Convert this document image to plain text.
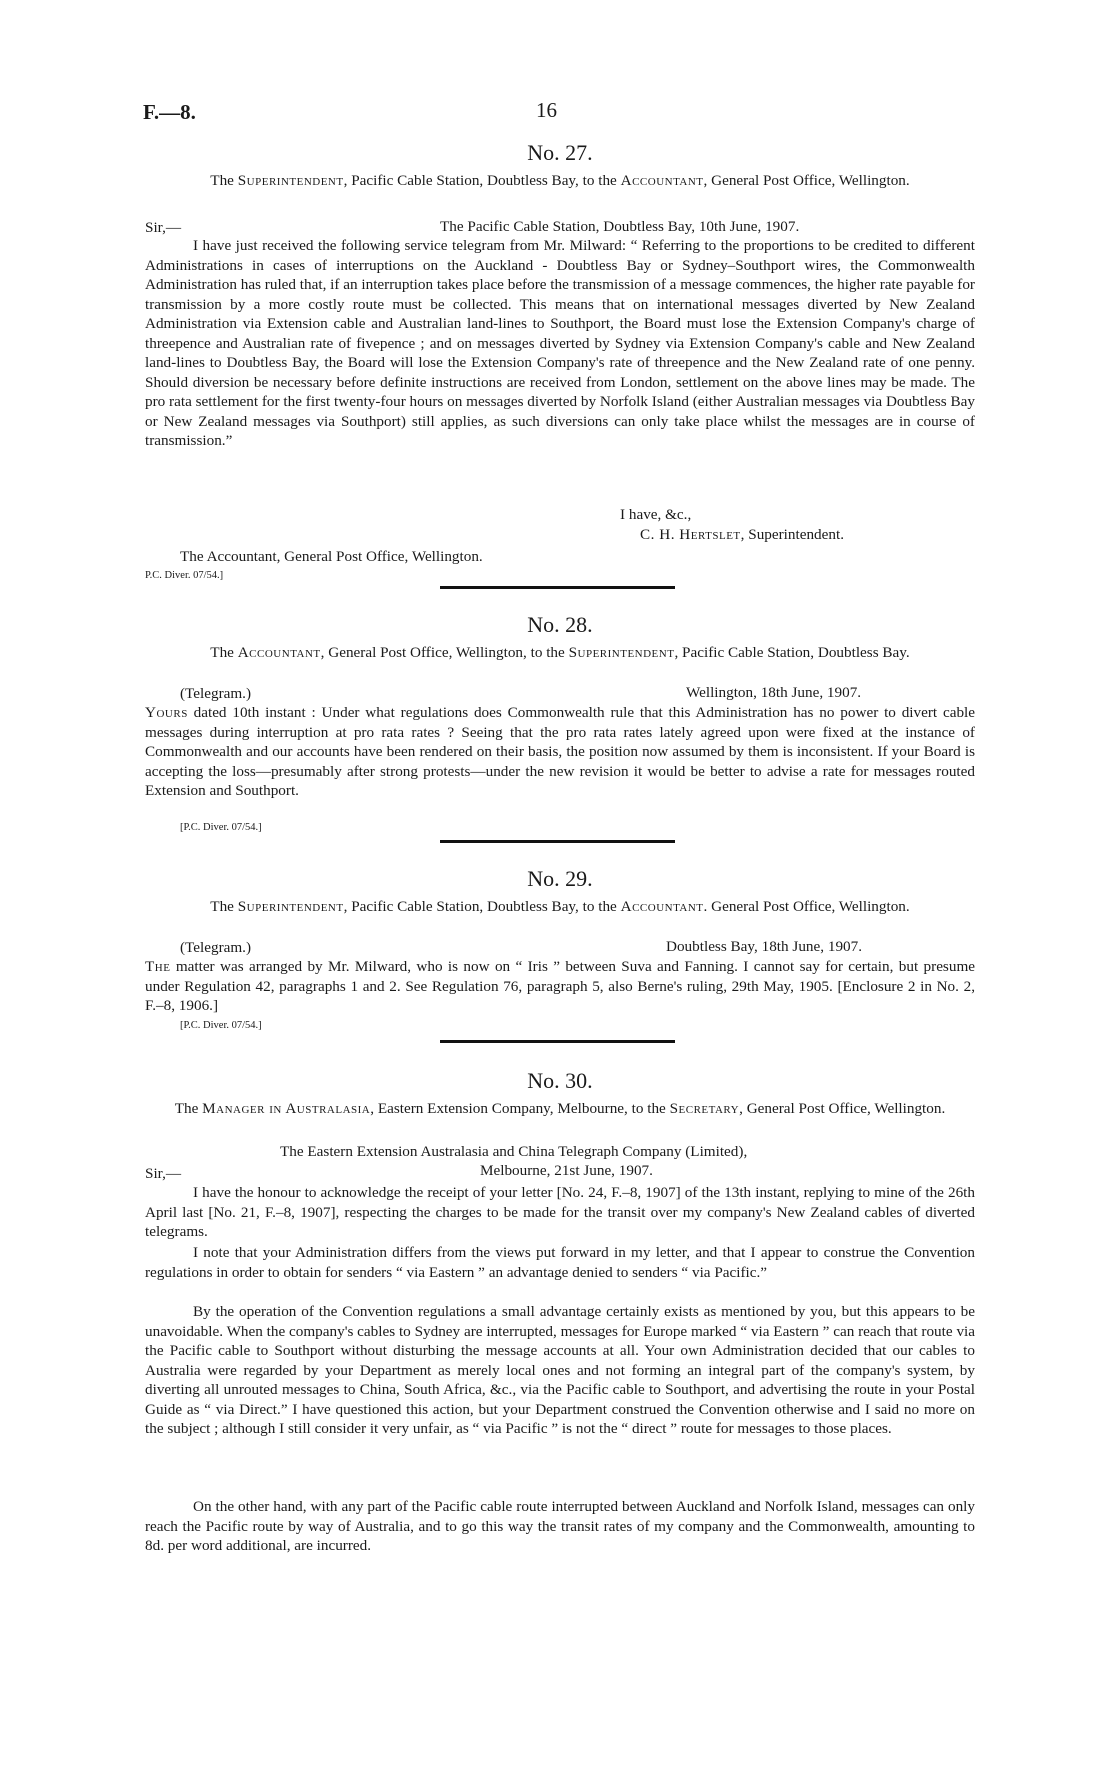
F.—8.	16
No. 27.
The Superintendent, Pacific Cable Station, Doubtless Bay, to the Accountant, General Post Office, Wellington.
Sir,—	The Pacific Cable Station, Doubtless Bay, 10th June, 1907.

I have just received the following service telegram from Mr. Milward: “ Referring to the proportions to be credited to different Administrations in cases of interruptions on the Auckland - Doubtless Bay or Sydney–Southport wires, the Commonwealth Administration has ruled that, if an interruption takes place before the transmission of a message commences, the higher rate payable for transmission by a more costly route must be collected. This means that on international messages diverted by New Zealand Administration via Extension cable and Australian land-lines to Southport, the Board must lose the Extension Company's charge of threepence and Australian rate of fivepence ; and on messages diverted by Sydney via Extension Company's cable and New Zealand land-lines to Doubtless Bay, the Board will lose the Extension Company's rate of threepence and the New Zealand rate of one penny. Should diversion be necessary before definite instructions are received from London, settlement on the above lines may be made. The pro rata settlement for the first twenty-four hours on messages diverted by Norfolk Island (either Australian messages via Doubtless Bay or New Zealand messages via Southport) still applies, as such diversions can only take place whilst the messages are in course of transmission.”

I have, &c.,
C. H. Hertslet, Superintendent.
The Accountant, General Post Office, Wellington.
P.C. Diver. 07/54.]
No. 28.
The Accountant, General Post Office, Wellington, to the Superintendent, Pacific Cable Station, Doubtless Bay.
(Telegram.)	Wellington, 18th June, 1907.

Yours dated 10th instant : Under what regulations does Commonwealth rule that this Administration has no power to divert cable messages during interruption at pro rata rates ? Seeing that the pro rata rates lately agreed upon were fixed at the instance of Commonwealth and our accounts have been rendered on their basis, the position now assumed by them is inconsistent. If your Board is accepting the loss—presumably after strong protests—under the new revision it would be better to advise a rate for messages routed Extension and Southport.

[P.C. Diver. 07/54.]
No. 29.
The Superintendent, Pacific Cable Station, Doubtless Bay, to the Accountant. General Post Office, Wellington.
(Telegram.)	Doubtless Bay, 18th June, 1907.

The matter was arranged by Mr. Milward, who is now on “ Iris ” between Suva and Fanning. I cannot say for certain, but presume under Regulation 42, paragraphs 1 and 2. See Regulation 76, paragraph 5, also Berne's ruling, 29th May, 1905. [Enclosure 2 in No. 2, F.–8, 1906.]

[P.C. Diver. 07/54.]
No. 30.
The Manager in Australasia, Eastern Extension Company, Melbourne, to the Secretary, General Post Office, Wellington.
The Eastern Extension Australasia and China Telegraph Company (Limited),
Sir,—	Melbourne, 21st June, 1907.

I have the honour to acknowledge the receipt of your letter [No. 24, F.–8, 1907] of the 13th instant, replying to mine of the 26th April last [No. 21, F.–8, 1907], respecting the charges to be made for the transit over my company's New Zealand cables of diverted telegrams.

I note that your Administration differs from the views put forward in my letter, and that I appear to construe the Convention regulations in order to obtain for senders “ via Eastern ” an advantage denied to senders “ via Pacific.”

By the operation of the Convention regulations a small advantage certainly exists as mentioned by you, but this appears to be unavoidable. When the company's cables to Sydney are interrupted, messages for Europe marked “ via Eastern ” can reach that route via the Pacific cable to Southport without disturbing the message accounts at all. Your own Administration decided that our cables to Australia were regarded by your Department as merely local ones and not forming an integral part of the company's system, by diverting all unrouted messages to China, South Africa, &c., via the Pacific cable to Southport, and advertising the route in your Postal Guide as “ via Direct.” I have questioned this action, but your Department construed the Convention otherwise and I said no more on the subject ; although I still consider it very unfair, as “ via Pacific ” is not the “ direct ” route for messages to those places.

On the other hand, with any part of the Pacific cable route interrupted between Auckland and Norfolk Island, messages can only reach the Pacific route by way of Australia, and to go this way the transit rates of my company and the Commonwealth, amounting to 8d. per word additional, are incurred.
